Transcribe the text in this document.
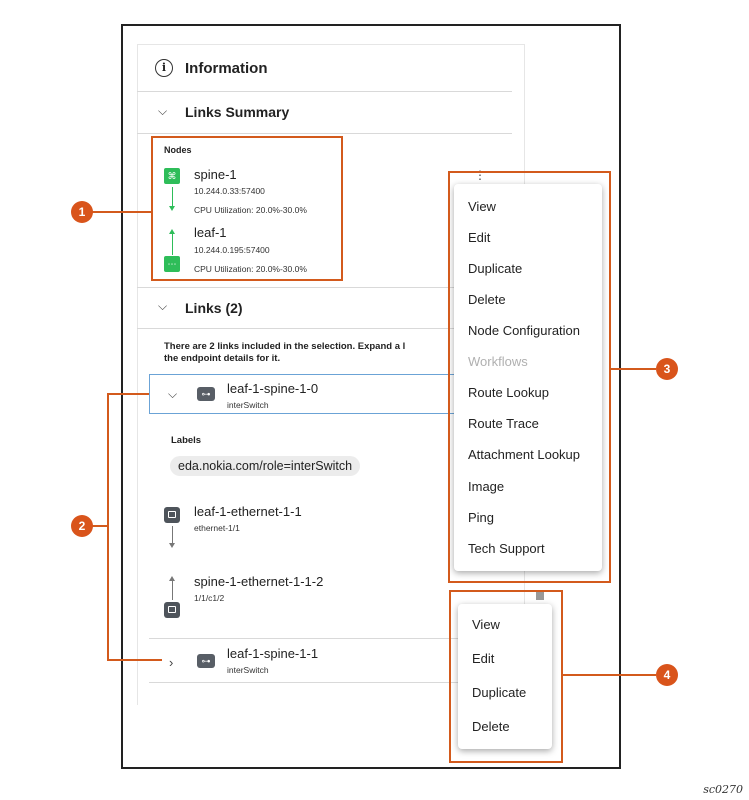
i	Information
⌵ Links Summary
Nodes
⌘ spine-1
10.244.0.33:57400
CPU Utilization: 20.0%-30.0%
⋯
leaf-1
10.244.0.195:57400
CPU Utilization: 20.0%-30.0%
⋮
⌵ Links (2)
There are 2 links included in the selection. Expand a l
the endpoint details for it.
⌵	⊶	leaf-1-spine-1-0
interSwitch
Labels
eda.nokia.com/role=interSwitch
leaf-1-ethernet-1-1
ethernet-1/1
spine-1-ethernet-1-1-2
1/1/c1/2
›	⊶	leaf-1-spine-1-1
interSwitch
1
2
View
Edit
Duplicate
Delete
Node Configuration
Workflows
Route Lookup
Route Trace
Attachment Lookup
Image
Ping
Tech Support
3
View
Edit
Duplicate
Delete
4
sc0270
